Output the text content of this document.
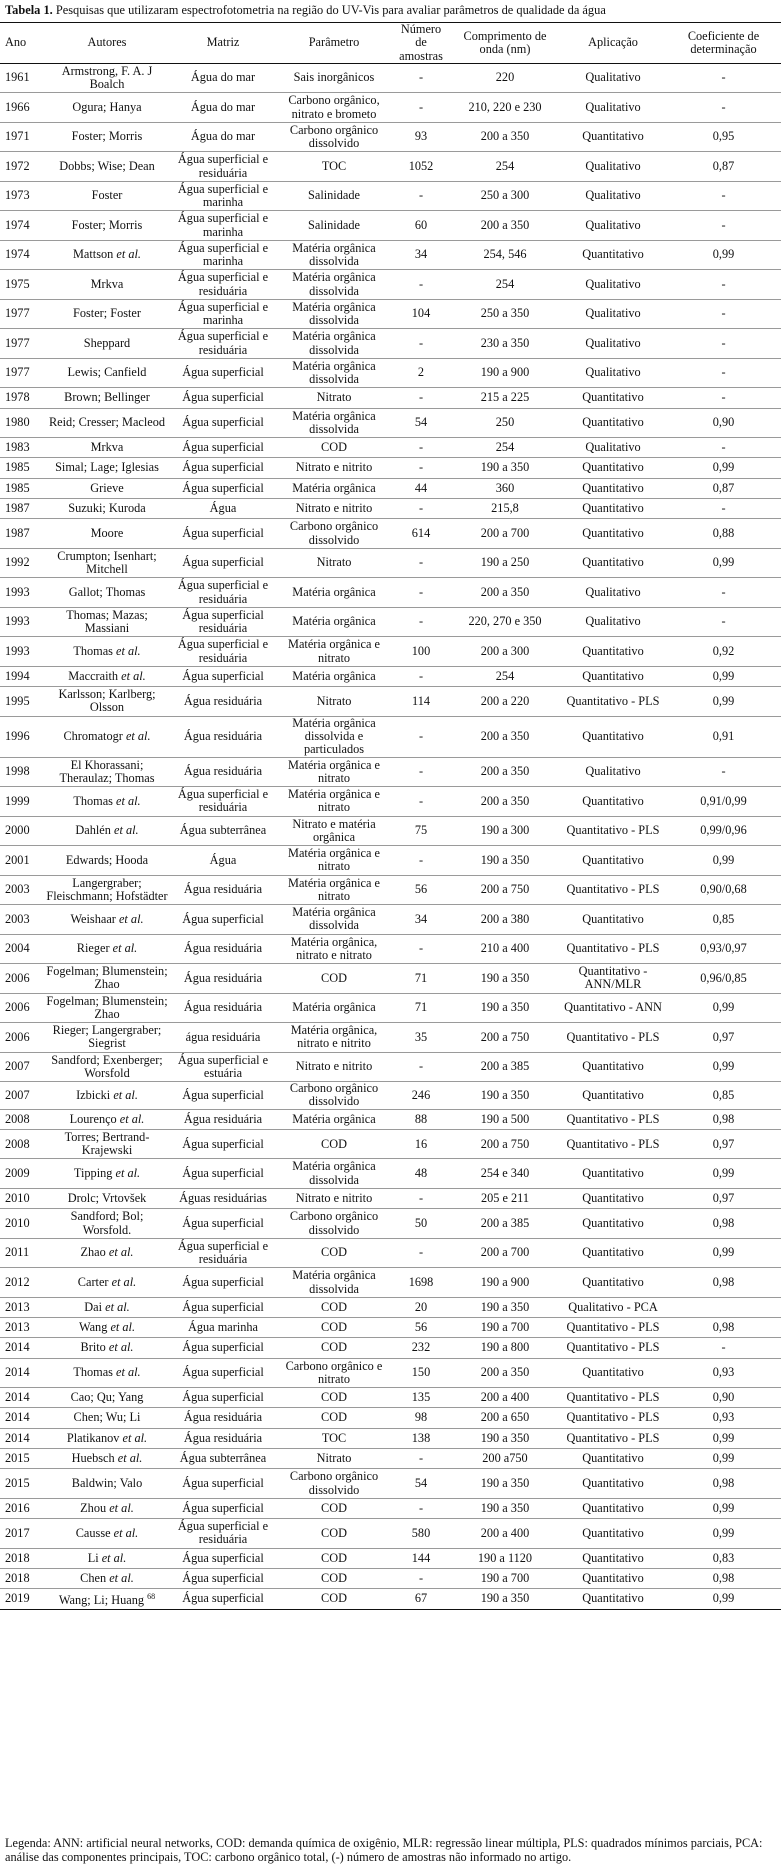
Tabela 1. Pesquisas que utilizaram espectrofotometria na região do UV-Vis para avaliar parâmetros de qualidade da água
Ano	Autores	Matriz	Parâmetro	Número de amostras	Comprimento de onda (nm)	Aplicação	Coeficiente de determinação
1961	Armstrong, F. A. J Boalch	Água do mar	Sais inorgânicos	-	220	Qualitativo	-
1966	Ogura; Hanya	Água do mar	Carbono orgânico, nitrato e brometo	-	210, 220 e 230	Qualitativo	-
1971	Foster; Morris	Água do mar	Carbono orgânico dissolvido	93	200 a 350	Quantitativo	0,95
1972	Dobbs; Wise; Dean	Água superficial e residuária	TOC	1052	254	Qualitativo	0,87
1973	Foster	Água superficial e marinha	Salinidade	-	250 a 300	Qualitativo	-
1974	Foster; Morris	Água superficial e marinha	Salinidade	60	200 a 350	Qualitativo	-
1974	Mattson et al.	Água superficial e marinha	Matéria orgânica dissolvida	34	254, 546	Quantitativo	0,99
1975	Mrkva	Água superficial e residuária	Matéria orgânica dissolvida	-	254	Qualitativo	-
1977	Foster; Foster	Água superficial e marinha	Matéria orgânica dissolvida	104	250 a 350	Qualitativo	-
1977	Sheppard	Água superficial e residuária	Matéria orgânica dissolvida	-	230 a 350	Qualitativo	-
1977	Lewis; Canfield	Água superficial	Matéria orgânica dissolvida	2	190 a 900	Qualitativo	-
1978	Brown; Bellinger	Água superficial	Nitrato	-	215 a 225	Quantitativo	-
1980	Reid; Cresser; Macleod	Água superficial	Matéria orgânica dissolvida	54	250	Quantitativo	0,90
1983	Mrkva	Água superficial	COD	-	254	Qualitativo	-
1985	Simal; Lage; Iglesias	Água superficial	Nitrato e nitrito	-	190 a 350	Quantitativo	0,99
1985	Grieve	Água superficial	Matéria orgânica	44	360	Quantitativo	0,87
1987	Suzuki; Kuroda	Água	Nitrato e nitrito	-	215,8	Quantitativo	-
1987	Moore	Água superficial	Carbono orgânico dissolvido	614	200 a 700	Quantitativo	0,88
1992	Crumpton; Isenhart; Mitchell	Água superficial	Nitrato	-	190 a 250	Quantitativo	0,99
1993	Gallot; Thomas	Água superficial e residuária	Matéria orgânica	-	200 a 350	Qualitativo	-
1993	Thomas; Mazas; Massiani	Água superficial residuária	Matéria orgânica	-	220, 270 e 350	Qualitativo	-
1993	Thomas et al.	Água superficial e residuária	Matéria orgânica e nitrato	100	200 a 300	Quantitativo	0,92
1994	Maccraith et al.	Água superficial	Matéria orgânica	-	254	Quantitativo	0,99
1995	Karlsson; Karlberg; Olsson	Água residuária	Nitrato	114	200 a 220	Quantitativo - PLS	0,99
1996	Chromatogr et al.	Água residuária	Matéria orgânica dissolvida e particulados	-	200 a 350	Quantitativo	0,91
1998	El Khorassani; Theraulaz; Thomas	Água residuária	Matéria orgânica e nitrato	-	200 a 350	Qualitativo	-
1999	Thomas et al.	Água superficial e residuária	Matéria orgânica e nitrato	-	200 a 350	Quantitativo	0,91/0,99
2000	Dahlén et al.	Água subterrânea	Nitrato e matéria orgânica	75	190 a 300	Quantitativo - PLS	0,99/0,96
2001	Edwards; Hooda	Água	Matéria orgânica e nitrato	-	190 a 350	Quantitativo	0,99
2003	Langergraber; Fleischmann; Hofstädter	Água residuária	Matéria orgânica e nitrato	56	200 a 750	Quantitativo - PLS	0,90/0,68
2003	Weishaar et al.	Água superficial	Matéria orgânica dissolvida	34	200 a 380	Quantitativo	0,85
2004	Rieger et al.	Água residuária	Matéria orgânica, nitrato e nitrato	-	210 a 400	Quantitativo - PLS	0,93/0,97
2006	Fogelman; Blumenstein; Zhao	Água residuária	COD	71	190 a 350	Quantitativo - ANN/MLR	0,96/0,85
2006	Fogelman; Blumenstein; Zhao	Água residuária	Matéria orgânica	71	190 a 350	Quantitativo - ANN	0,99
2006	Rieger; Langergraber; Siegrist	água residuária	Matéria orgânica, nitrato e nitrito	35	200 a 750	Quantitativo - PLS	0,97
2007	Sandford; Exenberger; Worsfold	Água superficial e estuária	Nitrato e nitrito	-	200 a 385	Quantitativo	0,99
2007	Izbicki et al.	Água superficial	Carbono orgânico dissolvido	246	190 a 350	Quantitativo	0,85
2008	Lourenço et al.	Água residuária	Matéria orgânica	88	190 a 500	Quantitativo - PLS	0,98
2008	Torres; Bertrand-Krajewski	Água superficial	COD	16	200 a 750	Quantitativo - PLS	0,97
2009	Tipping et al.	Água superficial	Matéria orgânica dissolvida	48	254 e 340	Quantitativo	0,99
2010	Drolc; Vrtovšek	Águas residuárias	Nitrato e nitrito	-	205 e 211	Quantitativo	0,97
2010	Sandford; Bol; Worsfold.	Água superficial	Carbono orgânico dissolvido	50	200 a 385	Quantitativo	0,98
2011	Zhao et al.	Água superficial e residuária	COD	-	200 a 700	Quantitativo	0,99
2012	Carter et al.	Água superficial	Matéria orgânica dissolvida	1698	190 a 900	Quantitativo	0,98
2013	Dai et al.	Água superficial	COD	20	190 a 350	Qualitativo - PCA	
2013	Wang et al.	Água marinha	COD	56	190 a 700	Quantitativo - PLS	0,98
2014	Brito et al.	Água superficial	COD	232	190 a 800	Quantitativo - PLS	-
2014	Thomas et al.	Água superficial	Carbono orgânico e nitrato	150	200 a 350	Quantitativo	0,93
2014	Cao; Qu; Yang	Água superficial	COD	135	200 a 400	Quantitativo - PLS	0,90
2014	Chen; Wu; Li	Água residuária	COD	98	200 a 650	Quantitativo - PLS	0,93
2014	Platikanov et al.	Água residuária	TOC	138	190 a 350	Quantitativo - PLS	0,99
2015	Huebsch et al.	Água subterrânea	Nitrato	-	200 a750	Quantitativo	0,99
2015	Baldwin; Valo	Água superficial	Carbono orgânico dissolvido	54	190 a 350	Quantitativo	0,98
2016	Zhou et al.	Água superficial	COD	-	190 a 350	Quantitativo	0,99
2017	Causse et al.	Água superficial e residuária	COD	580	200 a 400	Quantitativo	0,99
2018	Li et al.	Água superficial	COD	144	190 a 1120	Quantitativo	0,83
2018	Chen et al.	Água superficial	COD	-	190 a 700	Quantitativo	0,98
2019	Wang; Li; Huang $^{68}$	Água superficial	COD	67	190 a 350	Quantitativo	0,99
Legenda: ANN: artificial neural networks, COD: demanda química de oxigênio, MLR: regressão linear múltipla, PLS: quadrados mínimos parciais, PCA: análise das componentes principais, TOC: carbono orgânico total, (-) número de amostras não informado no artigo.
